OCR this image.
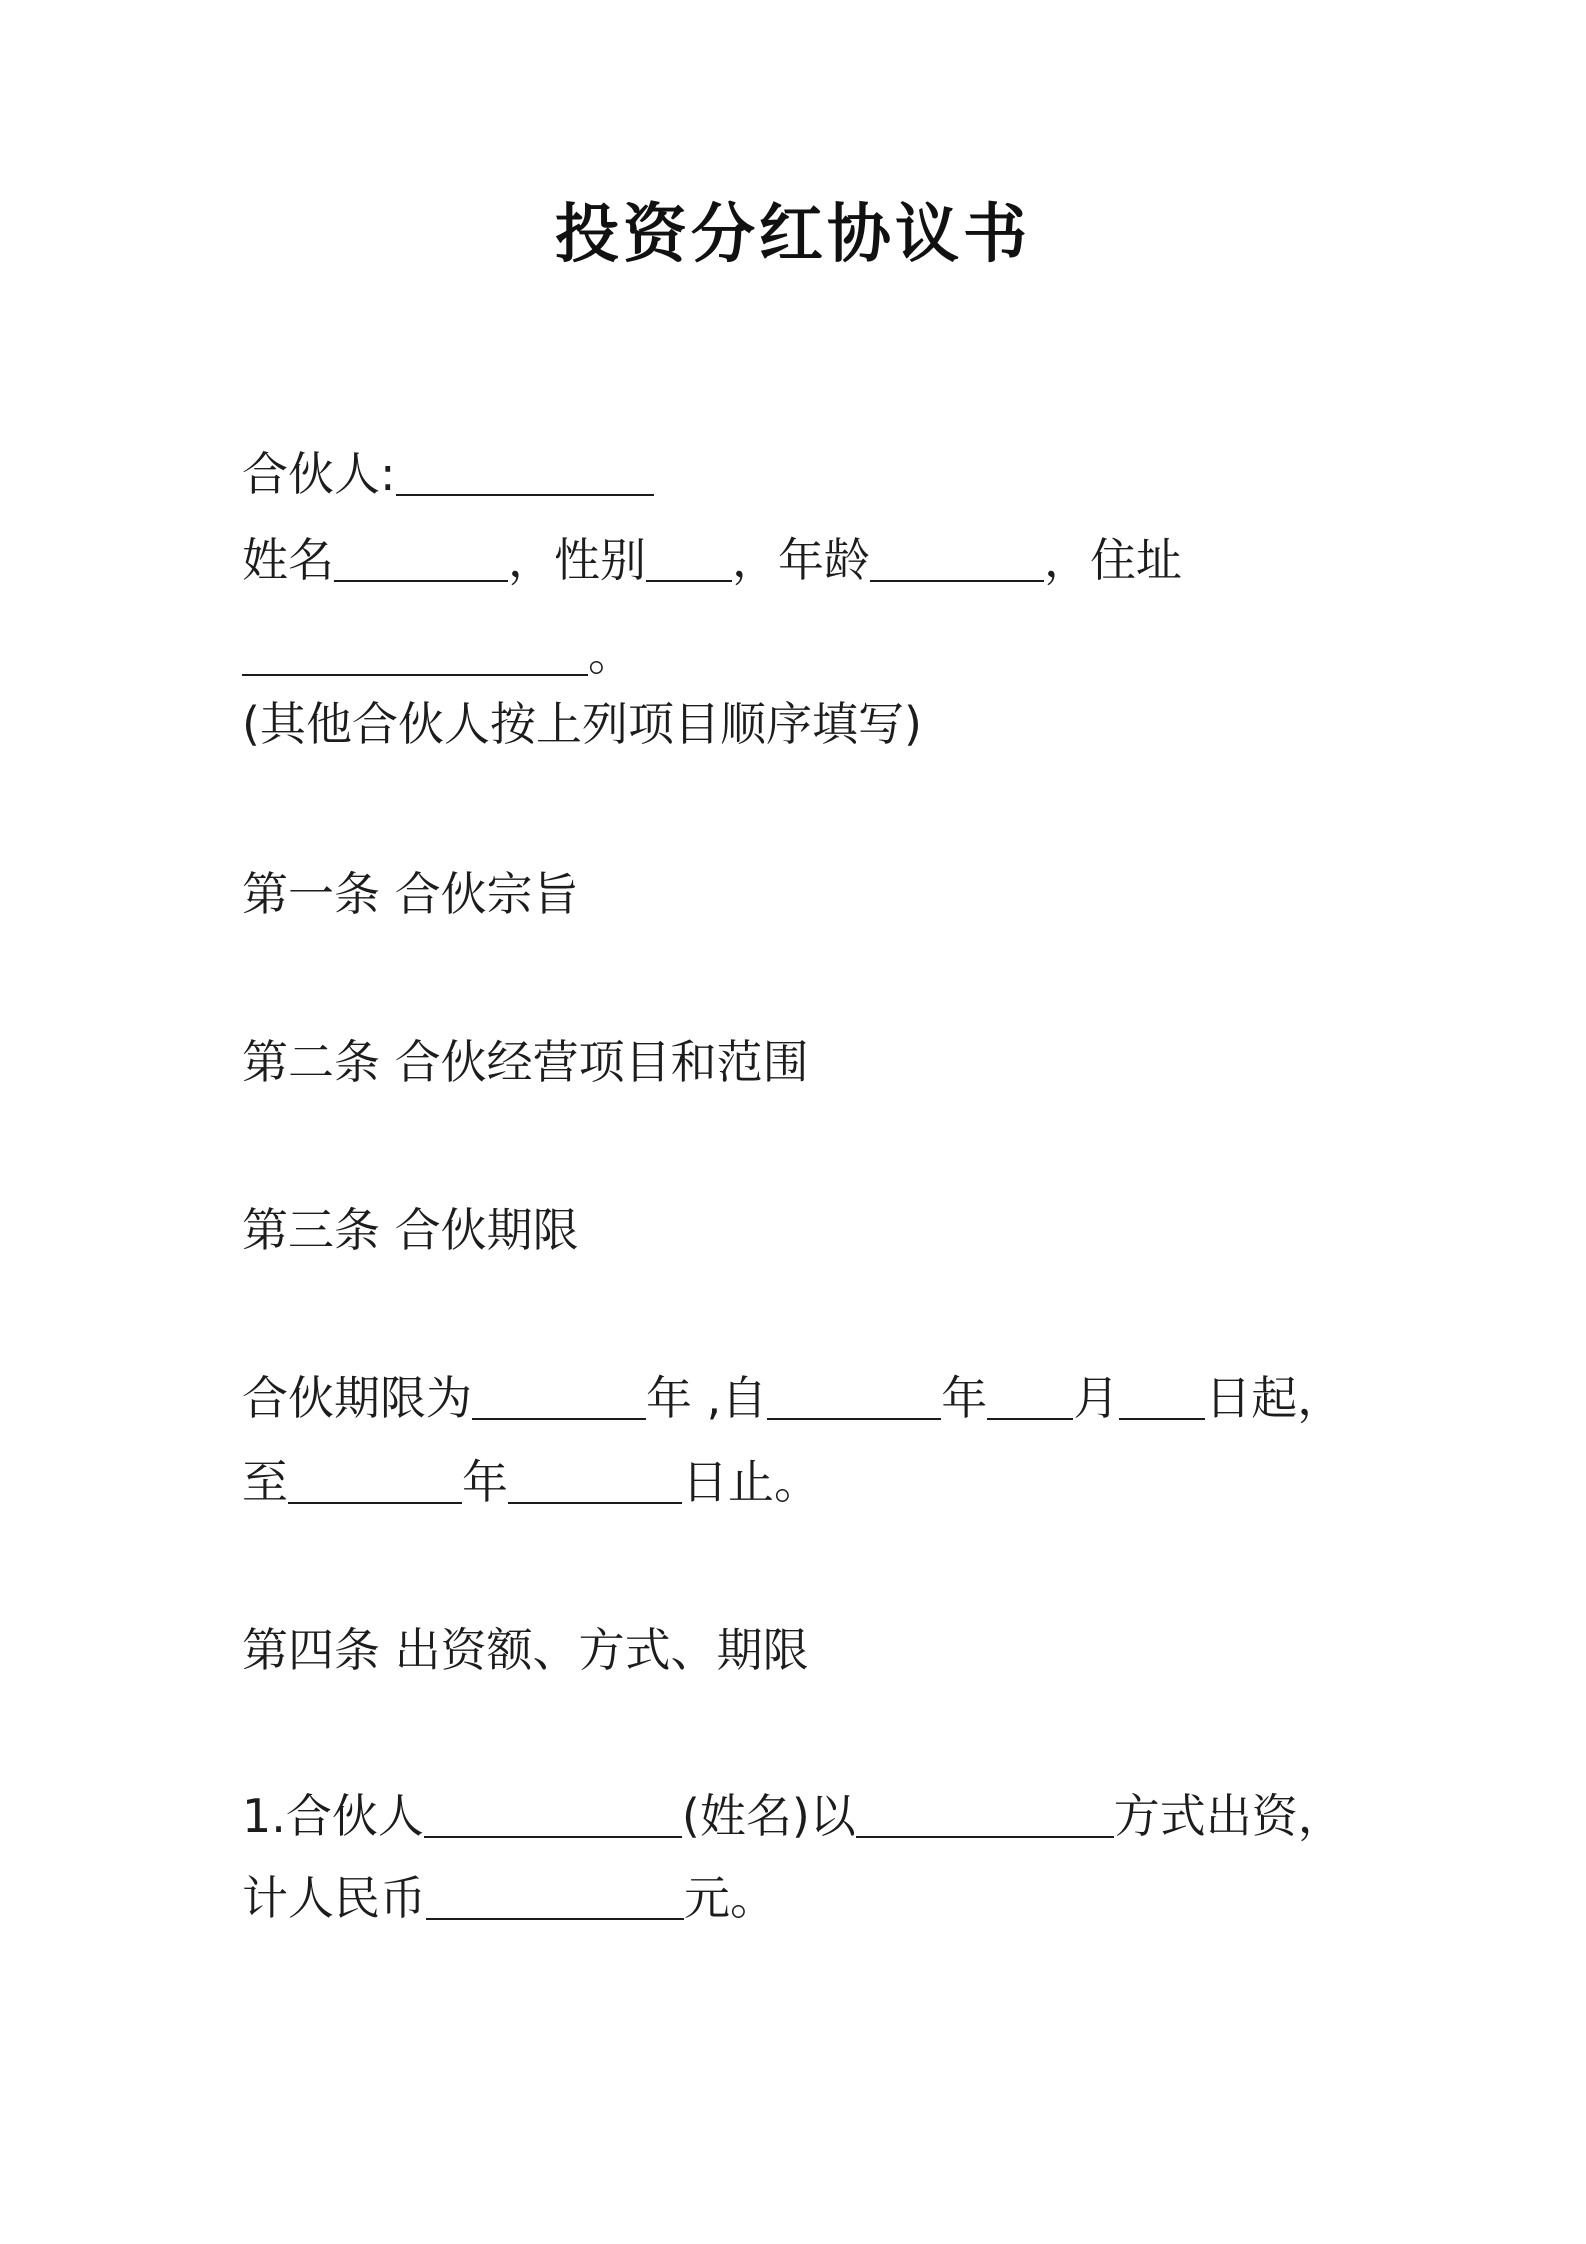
投资分红协议书
合伙人:
姓名	，性别 ，年龄	，住址
。
(其他合伙人按上列项目顺序填写)
第一条 合伙宗旨
第二条 合伙经营项目和范围
第三条 合伙期限
合伙期限为	年 ,自	年 月 日起，
至	年	日止。
第四条 出资额、方式、期限
1.合伙人	(姓名)以	方式出资，
计人民币	元。
